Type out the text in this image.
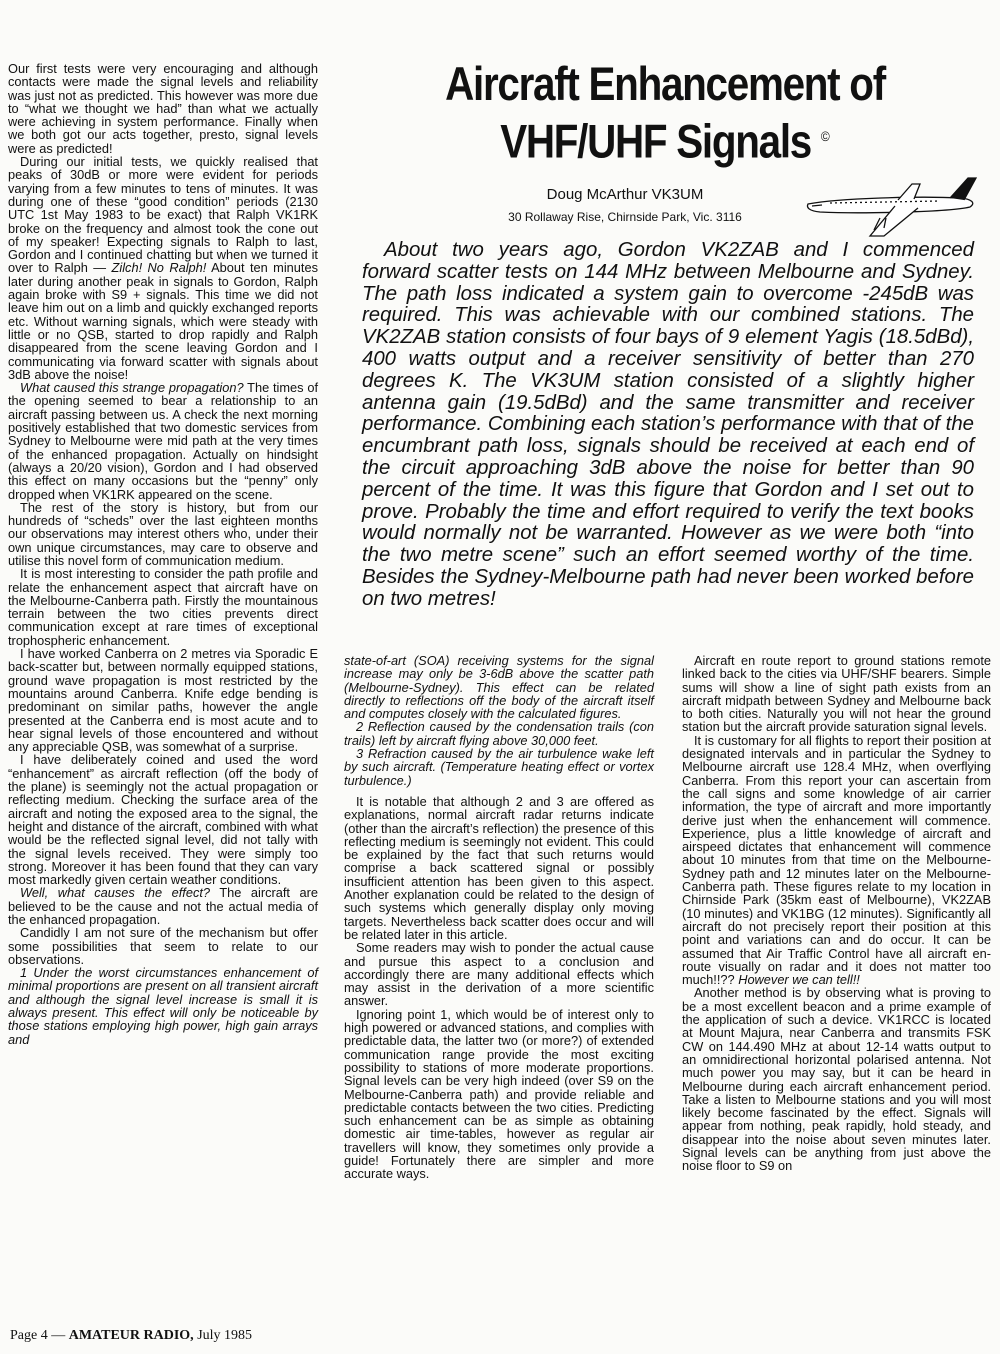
Our first tests were very encouraging and although contacts were made the signal levels and reliability was just not as predicted. This however was more due to “what we thought we had” than what we actually were achieving in system performance. Finally when we both got our acts together, presto, signal levels were as predicted!

During our initial tests, we quickly realised that peaks of 30dB or more were evident for periods varying from a few minutes to tens of minutes. It was during one of these “good condition” periods (2130 UTC 1st May 1983 to be exact) that Ralph VK1RK broke on the frequency and almost took the cone out of my speaker! Expecting signals to Ralph to last, Gordon and I continued chatting but when we turned it over to Ralph — Zilch! No Ralph! About ten minutes later during another peak in signals to Gordon, Ralph again broke with S9 + signals. This time we did not leave him out on a limb and quickly exchanged reports etc. Without warning signals, which were steady with little or no QSB, started to drop rapidly and Ralph disappeared from the scene leaving Gordon and I communicating via forward scatter with signals about 3dB above the noise!

What caused this strange propagation? The times of the opening seemed to bear a relationship to an aircraft passing between us. A check the next morning positively established that two domestic services from Sydney to Melbourne were mid path at the very times of the enhanced propagation. Actually on hindsight (always a 20/20 vision), Gordon and I had observed this effect on many occasions but the “penny” only dropped when VK1RK appeared on the scene.

The rest of the story is history, but from our hundreds of “scheds” over the last eighteen months our observations may interest others who, under their own unique circumstances, may care to observe and utilise this novel form of communication medium.

It is most interesting to consider the path profile and relate the enhancement aspect that aircraft have on the Melbourne-Canberra path. Firstly the mountainous terrain between the two cities prevents direct communication except at rare times of exceptional trophospheric enhancement.

I have worked Canberra on 2 metres via Sporadic E back-scatter but, between normally equipped stations, ground wave propagation is most restricted by the mountains around Canberra. Knife edge bending is predominant on similar paths, however the angle presented at the Canberra end is most acute and to hear signal levels of those encountered and without any appreciable QSB, was somewhat of a surprise.

I have deliberately coined and used the word “enhancement” as aircraft reflection (off the body of the plane) is seemingly not the actual propagation or reflecting medium. Checking the surface area of the aircraft and noting the exposed area to the signal, the height and distance of the aircraft, combined with what would be the reflected signal level, did not tally with the signal levels received. They were simply too strong. Moreover it has been found that they can vary most markedly given certain weather conditions.

Well, what causes the effect? The aircraft are believed to be the cause and not the actual media of the enhanced propagation.

Candidly I am not sure of the mechanism but offer some possibilities that seem to relate to our observations.

1 Under the worst circumstances enhancement of minimal proportions are present on all transient aircraft and although the signal level increase is small it is always present. This effect will only be noticeable by those stations employing high power, high gain arrays and

Aircraft Enhancement of
VHF/UHF Signals ©
Doug McArthur VK3UM
30 Rollaway Rise, Chirnside Park, Vic. 3116

About two years ago, Gordon VK2ZAB and I commenced forward scatter tests on 144 MHz between Melbourne and Sydney. The path loss indicated a system gain to overcome -245dB was required. This was achievable with our combined stations. The VK2ZAB station consists of four bays of 9 element Yagis (18.5dBd), 400 watts output and a receiver sensitivity of better than 270 degrees K. The VK3UM station consisted of a slightly higher antenna gain (19.5dBd) and the same transmitter and receiver performance. Combining each station’s performance with that of the encumbrant path loss, signals should be received at each end of the circuit approaching 3dB above the noise for better than 90 percent of the time. It was this figure that Gordon and I set out to prove. Probably the time and effort required to verify the text books would normally not be warranted. However as we were both “into the two metre scene” such an effort seemed worthy of the time. Besides the Sydney-Melbourne path had never been worked before on two metres!

state-of-art (SOA) receiving systems for the signal increase may only be 3-6dB above the scatter path (Melbourne-Sydney). This effect can be related directly to reflections off the body of the aircraft itself and computes closely with the calculated figures.

2 Reflection caused by the condensation trails (con trails) left by aircraft flying above 30,000 feet.

3 Refraction caused by the air turbulence wake left by such aircraft. (Temperature heating effect or vortex turbulence.)

It is notable that although 2 and 3 are offered as explanations, normal aircraft radar returns indicate (other than the aircraft’s reflection) the presence of this reflecting medium is seemingly not evident. This could be explained by the fact that such returns would comprise a back scattered signal or possibly insufficient attention has been given to this aspect. Another explanation could be related to the design of such systems which generally display only moving targets. Nevertheless back scatter does occur and will be related later in this article.

Some readers may wish to ponder the actual cause and pursue this aspect to a conclusion and accordingly there are many additional effects which may assist in the derivation of a more scientific answer.

Ignoring point 1, which would be of interest only to high powered or advanced stations, and complies with predictable data, the latter two (or more?) of extended communication range provide the most exciting possibility to stations of more moderate proportions. Signal levels can be very high indeed (over S9 on the Melbourne-Canberra path) and provide reliable and predictable contacts between the two cities. Predicting such enhancement can be as simple as obtaining domestic air time-tables, however as regular air travellers will know, they sometimes only provide a guide! Fortunately there are simpler and more accurate ways.

Aircraft en route report to ground stations remote linked back to the cities via UHF/SHF bearers. Simple sums will show a line of sight path exists from an aircraft midpath between Sydney and Melbourne back to both cities. Naturally you will not hear the ground station but the aircraft provide saturation signal levels.

It is customary for all flights to report their position at designated intervals and in particular the Sydney to Melbourne aircraft use 128.4 MHz, when overflying Canberra. From this report your can ascertain from the call signs and some knowledge of air carrier information, the type of aircraft and more importantly derive just when the enhancement will commence. Experience, plus a little knowledge of aircraft and airspeed dictates that enhancement will commence about 10 minutes from that time on the Melbourne-Sydney path and 12 minutes later on the Melbourne-Canberra path. These figures relate to my location in Chirnside Park (35km east of Melbourne), VK2ZAB (10 minutes) and VK1BG (12 minutes). Significantly all aircraft do not precisely report their position at this point and variations can and do occur. It can be assumed that Air Traffic Control have all aircraft en-route visually on radar and it does not matter too much!!?? However we can tell!!

Another method is by observing what is proving to be a most excellent beacon and a prime example of the application of such a device. VK1RCC is located at Mount Majura, near Canberra and transmits FSK CW on 144.490 MHz at about 12-14 watts output to an omnidirectional horizontal polarised antenna. Not much power you may say, but it can be heard in Melbourne during each aircraft enhancement period. Take a listen to Melbourne stations and you will most likely become fascinated by the effect. Signals will appear from nothing, peak rapidly, hold steady, and disappear into the noise about seven minutes later. Signal levels can be anything from just above the noise floor to S9 on

Page 4 — AMATEUR RADIO, July 1985
